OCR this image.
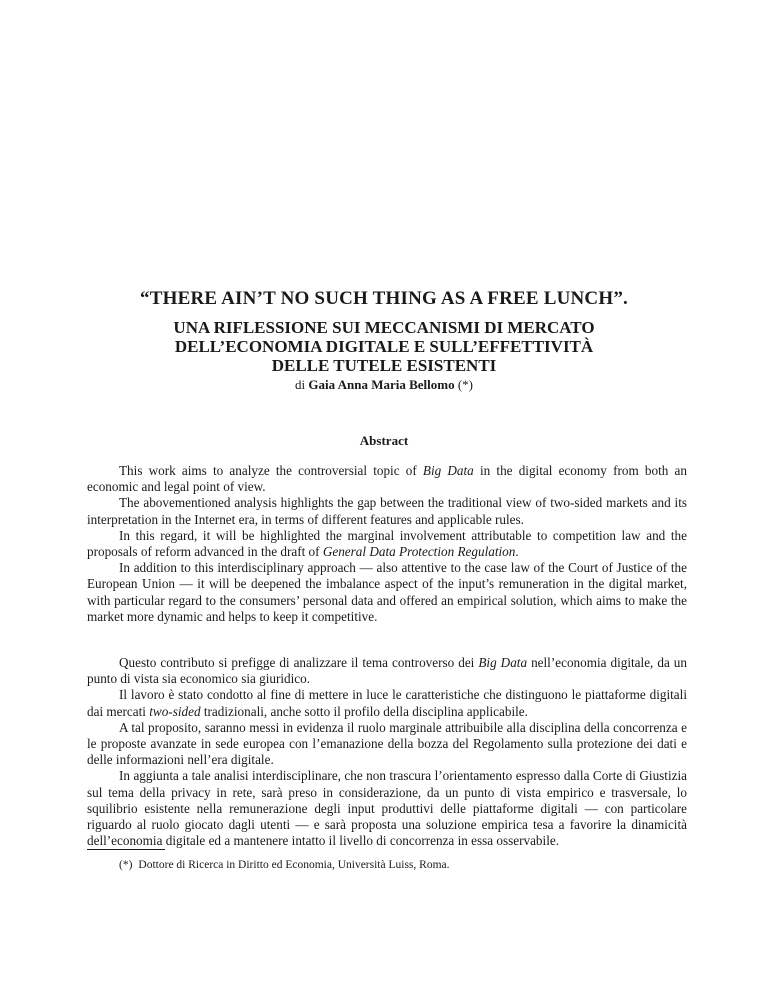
“THERE AIN’T NO SUCH THING AS A FREE LUNCH”.
UNA RIFLESSIONE SUI MECCANISMI DI MERCATO
DELL’ECONOMIA DIGITALE E SULL’EFFETTIVITÀ
DELLE TUTELE ESISTENTI
di Gaia Anna Maria Bellomo (*)
Abstract

This work aims to analyze the controversial topic of Big Data in the digital economy from both an economic and legal point of view.

The abovementioned analysis highlights the gap between the traditional view of two-sided markets and its interpretation in the Internet era, in terms of different features and applicable rules.

In this regard, it will be highlighted the marginal involvement attributable to competition law and the proposals of reform advanced in the draft of General Data Protection Regulation.

In addition to this interdisciplinary approach — also attentive to the case law of the Court of Justice of the European Union — it will be deepened the imbalance aspect of the input’s remuneration in the digital market, with particular regard to the consumers’ personal data and offered an empirical solution, which aims to make the market more dynamic and helps to keep it competitive.

Questo contributo si prefigge di analizzare il tema controverso dei Big Data nell’economia digitale, da un punto di vista sia economico sia giuridico.

Il lavoro è stato condotto al fine di mettere in luce le caratteristiche che distinguono le piattaforme digitali dai mercati two-sided tradizionali, anche sotto il profilo della disciplina applicabile.

A tal proposito, saranno messi in evidenza il ruolo marginale attribuibile alla disciplina della concorrenza e le proposte avanzate in sede europea con l’emanazione della bozza del Regolamento sulla protezione dei dati e delle informazioni nell’era digitale.

In aggiunta a tale analisi interdisciplinare, che non trascura l’orientamento espresso dalla Corte di Giustizia sul tema della privacy in rete, sarà preso in considerazione, da un punto di vista empirico e trasversale, lo squilibrio esistente nella remunerazione degli input produttivi delle piattaforme digitali — con particolare riguardo al ruolo giocato dagli utenti — e sarà proposta una soluzione empirica tesa a favorire la dinamicità dell’economia digitale ed a mantenere intatto il livello di concorrenza in essa osservabile.

(*) Dottore di Ricerca in Diritto ed Economia, Università Luiss, Roma.
